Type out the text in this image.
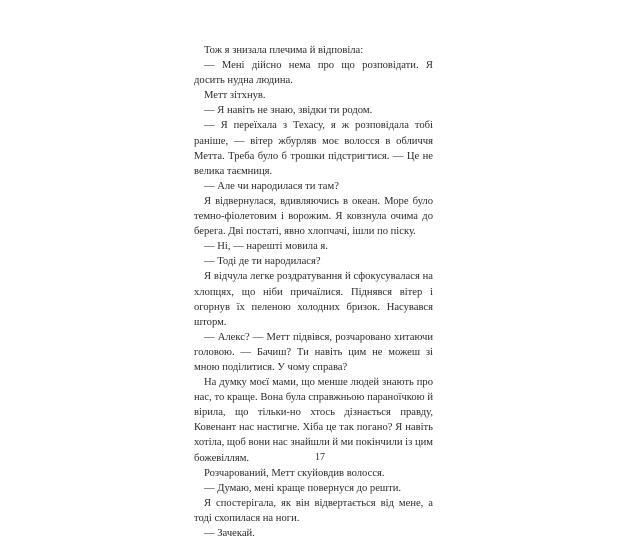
Тож я знизала плечима й відповіла:

— Мені дійсно нема про що розповідати. Я досить нудна людина.

Метт зітхнув.

— Я навіть не знаю, звідки ти родом.

— Я переїхала з Техасу, я ж розповідала тобі раніше, — вітер жбурляв моє волосся в обличчя Метта. Треба було б трошки підстригтися. — Це не велика таємниця.

— Але чи народилася ти там?

Я відвернулася, вдивляючись в океан. Море було темно-фіолетовим і ворожим. Я ковзнула очима до берега. Дві постаті, явно хлопчачі, ішли по піску.

— Ні, — нарешті мовила я.

— Тоді де ти народилася?

Я відчула легке роздратування й сфокусувалася на хлопцях, що ніби причаїлися. Піднявся вітер і огорнув їх пеленою холодних бризок. Насувався шторм.

— Алекс? — Метт підвівся, розчаровано хитаючи головою. — Бачиш? Ти навіть цим не можеш зі мною поділитися. У чому справа?

На думку моєї мами, що менше людей знають про нас, то краще. Вона була справжньою параноїчкою й вірила, що тільки-но хтось дізнається правду, Ковенант нас настигне. Хіба це так погано? Я навіть хотіла, щоб вони нас знайшли й ми покінчили із цим божевіллям.

Розчарований, Метт скуйовдив волосся.

— Думаю, мені краще повернуся до решти.

Я спостерігала, як він відвертається від мене, а тоді схопилася на ноги.

— Зачекай.

17
